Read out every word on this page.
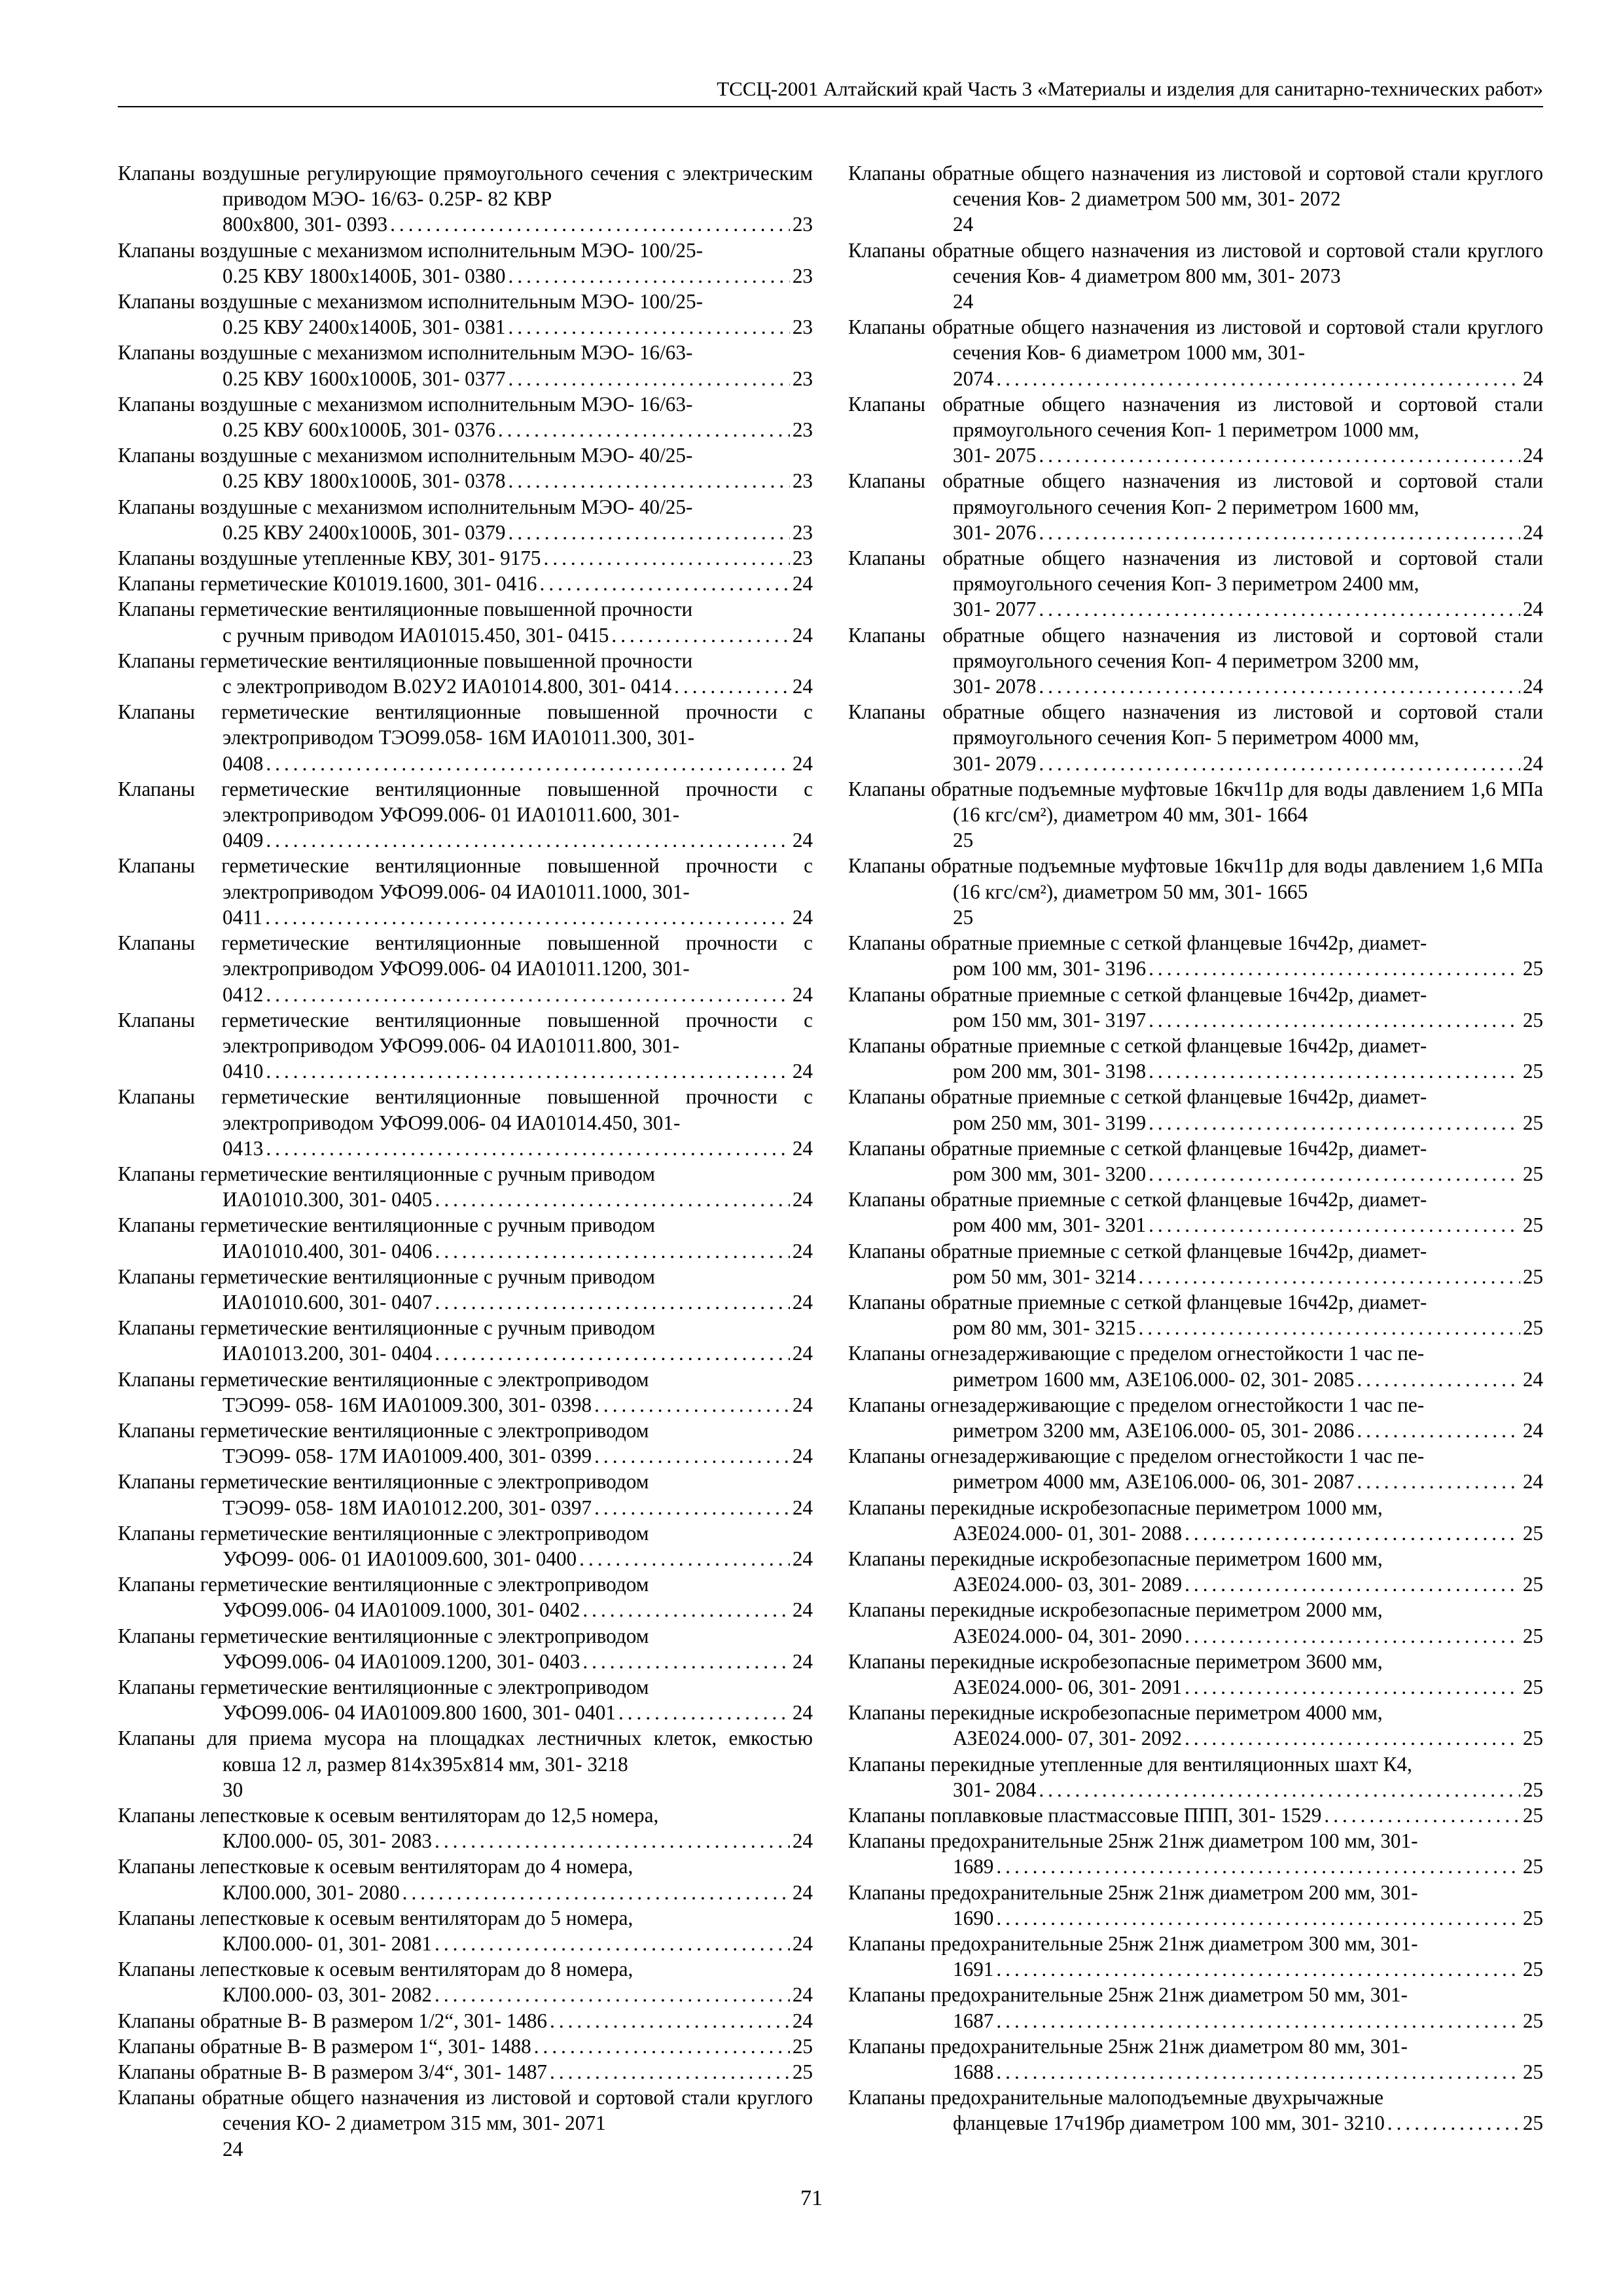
ТССЦ-2001 Алтайский край Часть 3 «Материалы и изделия для санитарно-технических работ»
Клапаны воздушные регулирующие прямоугольного сечения с электрическим приводом МЭО- 16/63- 0.25Р- 82 КВР
800х800, 301- 0393 .....	23
Клапаны воздушные с механизмом исполнительным МЭО- 100/25-
0.25 КВУ 1800х1400Б, 301- 0380 .....	23
Клапаны воздушные с механизмом исполнительным МЭО- 100/25-
0.25 КВУ 2400х1400Б, 301- 0381 .....	23
Клапаны воздушные с механизмом исполнительным МЭО- 16/63-
0.25 КВУ 1600х1000Б, 301- 0377 .....	23
Клапаны воздушные с механизмом исполнительным МЭО- 16/63-
0.25 КВУ 600х1000Б, 301- 0376 .....	23
Клапаны воздушные с механизмом исполнительным МЭО- 40/25-
0.25 КВУ 1800х1000Б, 301- 0378 .....	23
Клапаны воздушные с механизмом исполнительным МЭО- 40/25-
0.25 КВУ 2400х1000Б, 301- 0379 .....	23
Клапаны воздушные утепленные КВУ, 301- 9175 .....	23
Клапаны герметические К01019.1600, 301- 0416 .....	24
Клапаны герметические вентиляционные повышенной прочности
с ручным приводом ИА01015.450, 301- 0415 .....	24
Клапаны герметические вентиляционные повышенной прочности
с электроприводом В.02У2 ИА01014.800, 301- 0414 .....	24
Клапаны герметические вентиляционные повышенной прочности с электроприводом ТЭО99.058- 16М ИА01011.300, 301-
0408 .....	24
Клапаны герметические вентиляционные повышенной прочности с электроприводом УФО99.006- 01 ИА01011.600, 301-
0409 .....	24
Клапаны герметические вентиляционные повышенной прочности с электроприводом УФО99.006- 04 ИА01011.1000, 301-
0411 .....	24
Клапаны герметические вентиляционные повышенной прочности с электроприводом УФО99.006- 04 ИА01011.1200, 301-
0412 .....	24
Клапаны герметические вентиляционные повышенной прочности с электроприводом УФО99.006- 04 ИА01011.800, 301-
0410 .....	24
Клапаны герметические вентиляционные повышенной прочности с электроприводом УФО99.006- 04 ИА01014.450, 301-
0413 .....	24
Клапаны герметические вентиляционные с ручным приводом
ИА01010.300, 301- 0405 .....	24
Клапаны герметические вентиляционные с ручным приводом
ИА01010.400, 301- 0406 .....	24
Клапаны герметические вентиляционные с ручным приводом
ИА01010.600, 301- 0407 .....	24
Клапаны герметические вентиляционные с ручным приводом
ИА01013.200, 301- 0404 .....	24
Клапаны герметические вентиляционные с электроприводом
ТЭО99- 058- 16М ИА01009.300, 301- 0398 .....	24
Клапаны герметические вентиляционные с электроприводом
ТЭО99- 058- 17М ИА01009.400, 301- 0399 .....	24
Клапаны герметические вентиляционные с электроприводом
ТЭО99- 058- 18М ИА01012.200, 301- 0397 .....	24
Клапаны герметические вентиляционные с электроприводом
УФО99- 006- 01 ИА01009.600, 301- 0400 .....	24
Клапаны герметические вентиляционные с электроприводом
УФО99.006- 04 ИА01009.1000, 301- 0402 .....	24
Клапаны герметические вентиляционные с электроприводом
УФО99.006- 04 ИА01009.1200, 301- 0403 .....	24
Клапаны герметические вентиляционные с электроприводом
УФО99.006- 04 ИА01009.800 1600, 301- 0401 .....	24
Клапаны для приема мусора на площадках лестничных клеток, емкостью ковша 12 л, размер 814х395х814 мм, 301- 3218
30
Клапаны лепестковые к осевым вентиляторам до 12,5 номера,
КЛ00.000- 05, 301- 2083 .....	24
Клапаны лепестковые к осевым вентиляторам до 4 номера,
КЛ00.000, 301- 2080 .....	24
Клапаны лепестковые к осевым вентиляторам до 5 номера,
КЛ00.000- 01, 301- 2081 .....	24
Клапаны лепестковые к осевым вентиляторам до 8 номера,
КЛ00.000- 03, 301- 2082 .....	24
Клапаны обратные В- В размером 1/2“, 301- 1486 .....	24
Клапаны обратные В- В размером 1“, 301- 1488 .....	25
Клапаны обратные В- В размером 3/4“, 301- 1487 .....	25
Клапаны обратные общего назначения из листовой и сортовой стали круглого сечения КО- 2 диаметром 315 мм, 301- 2071
24
Клапаны обратные общего назначения из листовой и сортовой стали круглого сечения Ков- 2 диаметром 500 мм, 301- 2072
24
Клапаны обратные общего назначения из листовой и сортовой стали круглого сечения Ков- 4 диаметром 800 мм, 301- 2073
24
Клапаны обратные общего назначения из листовой и сортовой стали круглого сечения Ков- 6 диаметром 1000 мм, 301-
2074 .....	24
Клапаны обратные общего назначения из листовой и сортовой стали прямоугольного сечения Коп- 1 периметром 1000 мм,
301- 2075 .....	24
Клапаны обратные общего назначения из листовой и сортовой стали прямоугольного сечения Коп- 2 периметром 1600 мм,
301- 2076 .....	24
Клапаны обратные общего назначения из листовой и сортовой стали прямоугольного сечения Коп- 3 периметром 2400 мм,
301- 2077 .....	24
Клапаны обратные общего назначения из листовой и сортовой стали прямоугольного сечения Коп- 4 периметром 3200 мм,
301- 2078 .....	24
Клапаны обратные общего назначения из листовой и сортовой стали прямоугольного сечения Коп- 5 периметром 4000 мм,
301- 2079 .....	24
Клапаны обратные подъемные муфтовые 16кч11р для воды давлением 1,6 МПа (16 кгс/см²), диаметром 40 мм, 301- 1664
25
Клапаны обратные подъемные муфтовые 16кч11р для воды давлением 1,6 МПа (16 кгс/см²), диаметром 50 мм, 301- 1665
25
Клапаны обратные приемные с сеткой фланцевые 16ч42р, диамет-
ром 100 мм, 301- 3196 .....	25
Клапаны обратные приемные с сеткой фланцевые 16ч42р, диамет-
ром 150 мм, 301- 3197 .....	25
Клапаны обратные приемные с сеткой фланцевые 16ч42р, диамет-
ром 200 мм, 301- 3198 .....	25
Клапаны обратные приемные с сеткой фланцевые 16ч42р, диамет-
ром 250 мм, 301- 3199 .....	25
Клапаны обратные приемные с сеткой фланцевые 16ч42р, диамет-
ром 300 мм, 301- 3200 .....	25
Клапаны обратные приемные с сеткой фланцевые 16ч42р, диамет-
ром 400 мм, 301- 3201 .....	25
Клапаны обратные приемные с сеткой фланцевые 16ч42р, диамет-
ром 50 мм, 301- 3214 .....	25
Клапаны обратные приемные с сеткой фланцевые 16ч42р, диамет-
ром 80 мм, 301- 3215 .....	25
Клапаны огнезадерживающие с пределом огнестойкости 1 час пе-
риметром 1600 мм, АЗЕ106.000- 02, 301- 2085 .....	24
Клапаны огнезадерживающие с пределом огнестойкости 1 час пе-
риметром 3200 мм, АЗЕ106.000- 05, 301- 2086 .....	24
Клапаны огнезадерживающие с пределом огнестойкости 1 час пе-
риметром 4000 мм, АЗЕ106.000- 06, 301- 2087 .....	24
Клапаны перекидные искробезопасные периметром 1000 мм,
АЗЕ024.000- 01, 301- 2088 .....	25
Клапаны перекидные искробезопасные периметром 1600 мм,
АЗЕ024.000- 03, 301- 2089 .....	25
Клапаны перекидные искробезопасные периметром 2000 мм,
АЗЕ024.000- 04, 301- 2090 .....	25
Клапаны перекидные искробезопасные периметром 3600 мм,
АЗЕ024.000- 06, 301- 2091 .....	25
Клапаны перекидные искробезопасные периметром 4000 мм,
АЗЕ024.000- 07, 301- 2092 .....	25
Клапаны перекидные утепленные для вентиляционных шахт К4,
301- 2084 .....	25
Клапаны поплавковые пластмассовые ППП, 301- 1529 .....	25
Клапаны предохранительные 25нж 21нж диаметром 100 мм, 301-
1689 .....	25
Клапаны предохранительные 25нж 21нж диаметром 200 мм, 301-
1690 .....	25
Клапаны предохранительные 25нж 21нж диаметром 300 мм, 301-
1691 .....	25
Клапаны предохранительные 25нж 21нж диаметром 50 мм, 301-
1687 .....	25
Клапаны предохранительные 25нж 21нж диаметром 80 мм, 301-
1688 .....	25
Клапаны предохранительные малоподъемные двухрычажные
фланцевые 17ч19бр диаметром 100 мм, 301- 3210 .....	25
71
